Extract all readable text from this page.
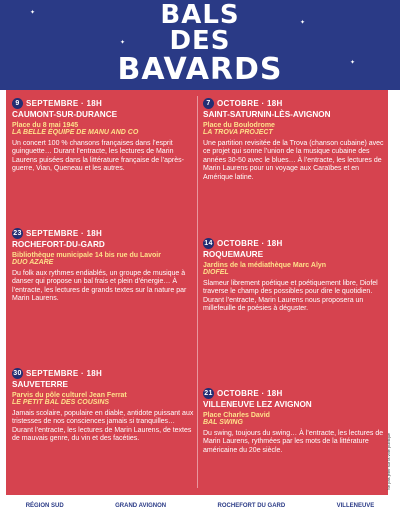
✦
✦
✦
✦
BALS
DES
BAVARDS
9 SEPTEMBRE · 18H
CAUMONT-SUR-DURANCE
Place du 8 mai 1945
LA BELLE ÉQUIPE DE MANU AND CO
Un concert 100 % chansons françaises dans l’esprit guinguette… Durant l’entracte, les lectures de Marin Laurens puisées dans la littérature française de l’après-guerre, Vian, Queneau et les autres.
23 SEPTEMBRE · 18H
ROCHEFORT-DU-GARD
Bibliothèque municipale 14 bis rue du Lavoir
DUO AZARE
Du folk aux rythmes endiablés, un groupe de musique à danser qui propose un bal frais et plein d’énergie… À l’entracte, les lectures de grands textes sur la nature par Marin Laurens.
30 SEPTEMBRE · 18H
SAUVETERRE
Parvis du pôle culturel Jean Ferrat
LE PETIT BAL DES COUSINS
Jamais scolaire, populaire en diable, antidote puissant aux tristesses de nos consciences jamais si tranquilles… Durant l’entracte, les lectures de Marin Laurens, de textes de mauvais genre, du vin et des facéties.
7 OCTOBRE · 18H
SAINT-SATURNIN-LÈS-AVIGNON
Place du Boulodrome
LA TROVA PROJECT
Une partition revisitée de la Trova (chanson cubaine) avec ce projet qui sonne l’union de la musique cubaine des années 30-50 avec le blues… À l’entracte, les lectures de Marin Laurens pour un voyage aux Caraïbes et en Amérique latine.
14 OCTOBRE · 18H
ROQUEMAURE
Jardins de la médiathèque Marc Alyn
DIOFEL
Slameur librement poétique et poétiquement libre, Diofel traverse le champ des possibles pour dire le quotidien. Durant l’entracte, Marin Laurens nous proposera un millefeuille de poésies à déguster.
21 OCTOBRE · 18H
VILLENEUVE LEZ AVIGNON
Place Charles David
BAL SWING
Du swing, toujours du swing… À l’entracte, les lectures de Marin Laurens, rythmées par les mots de la littérature américaine du 20e siècle.	Ne pas jeter sur la voie publique
RÉGION SUD	GRAND AVIGNON	ROCHEFORT DU GARD	VILLENEUVE
